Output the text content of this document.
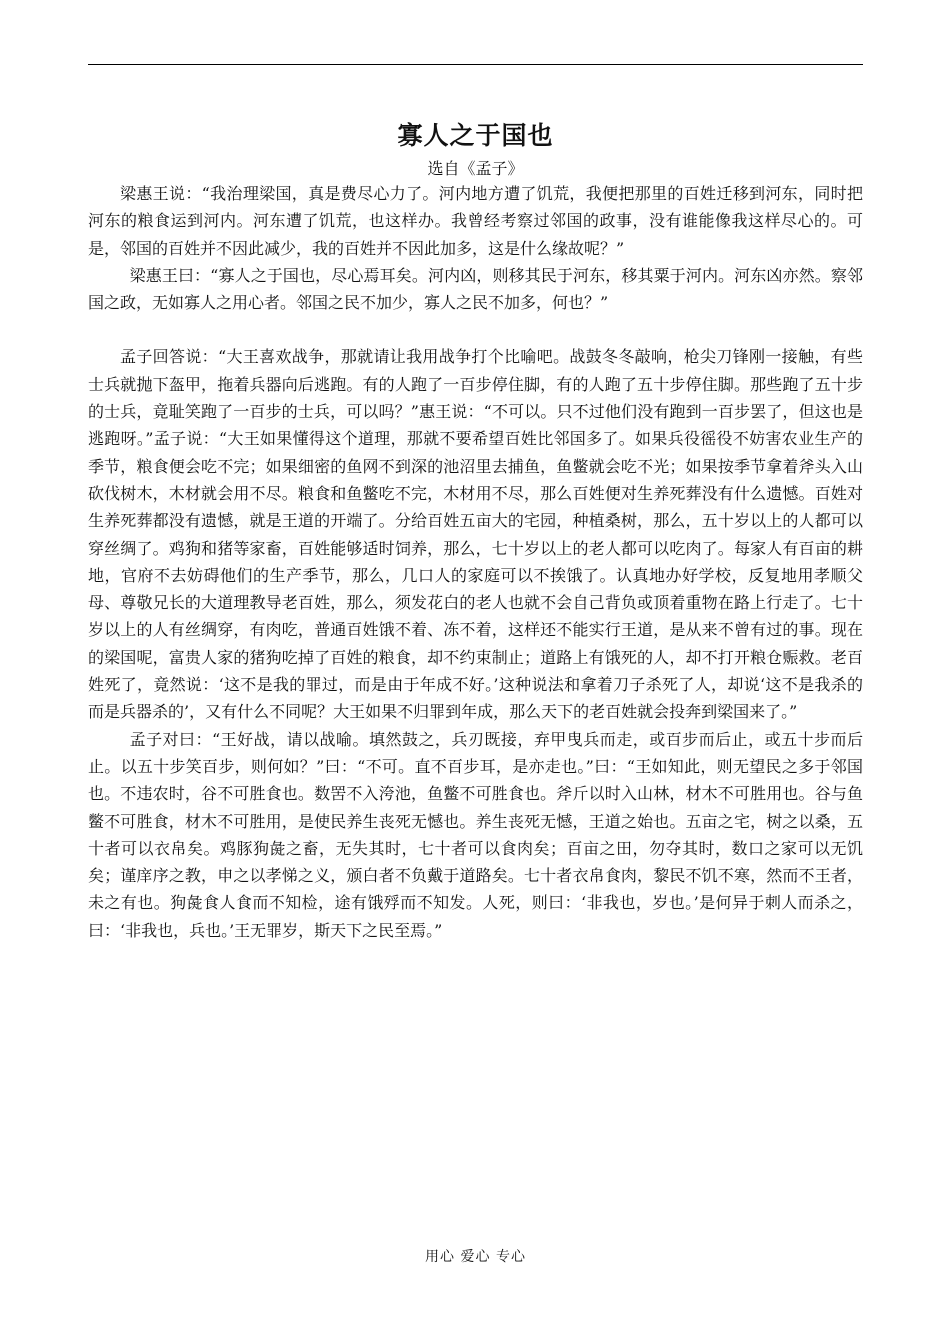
寡人之于国也
选自《孟子》

梁惠王说：“我治理梁国，真是费尽心力了。河内地方遭了饥荒，我便把那里的百姓迁移到河东，同时把河东的粮食运到河内。河东遭了饥荒，也这样办。我曾经考察过邻国的政事，没有谁能像我这样尽心的。可是，邻国的百姓并不因此减少，我的百姓并不因此加多，这是什么缘故呢？”

梁惠王曰：“寡人之于国也，尽心焉耳矣。河内凶，则移其民于河东，移其粟于河内。河东凶亦然。察邻国之政，无如寡人之用心者。邻国之民不加少，寡人之民不加多，何也？”

孟子回答说：“大王喜欢战争，那就请让我用战争打个比喻吧。战鼓冬冬敲响，枪尖刀锋刚一接触，有些士兵就抛下盔甲，拖着兵器向后逃跑。有的人跑了一百步停住脚，有的人跑了五十步停住脚。那些跑了五十步的士兵，竟耻笑跑了一百步的士兵，可以吗？”惠王说：“不可以。只不过他们没有跑到一百步罢了，但这也是逃跑呀。”孟子说：“大王如果懂得这个道理，那就不要希望百姓比邻国多了。如果兵役徭役不妨害农业生产的季节，粮食便会吃不完；如果细密的鱼网不到深的池沼里去捕鱼，鱼鳖就会吃不光；如果按季节拿着斧头入山砍伐树木，木材就会用不尽。粮食和鱼鳖吃不完，木材用不尽，那么百姓便对生养死葬没有什么遗憾。百姓对生养死葬都没有遗憾，就是王道的开端了。分给百姓五亩大的宅园，种植桑树，那么，五十岁以上的人都可以穿丝绸了。鸡狗和猪等家畜，百姓能够适时饲养，那么，七十岁以上的老人都可以吃肉了。每家人有百亩的耕地，官府不去妨碍他们的生产季节，那么，几口人的家庭可以不挨饿了。认真地办好学校，反复地用孝顺父母、尊敬兄长的大道理教导老百姓，那么，须发花白的老人也就不会自己背负或顶着重物在路上行走了。七十岁以上的人有丝绸穿，有肉吃，普通百姓饿不着、冻不着，这样还不能实行王道，是从来不曾有过的事。现在的梁国呢，富贵人家的猪狗吃掉了百姓的粮食，却不约束制止；道路上有饿死的人，却不打开粮仓赈救。老百姓死了，竟然说：‘这不是我的罪过，而是由于年成不好。’这种说法和拿着刀子杀死了人，却说‘这不是我杀的而是兵器杀的’，又有什么不同呢？大王如果不归罪到年成，那么天下的老百姓就会投奔到梁国来了。”

孟子对曰：“王好战，请以战喻。填然鼓之，兵刃既接，弃甲曳兵而走，或百步而后止，或五十步而后止。以五十步笑百步，则何如？”曰：“不可。直不百步耳，是亦走也。”曰：“王如知此，则无望民之多于邻国也。不违农时，谷不可胜食也。数罟不入洿池，鱼鳖不可胜食也。斧斤以时入山林，材木不可胜用也。谷与鱼鳖不可胜食，材木不可胜用，是使民养生丧死无憾也。养生丧死无憾，王道之始也。五亩之宅，树之以桑，五十者可以衣帛矣。鸡豚狗彘之畜，无失其时，七十者可以食肉矣；百亩之田，勿夺其时，数口之家可以无饥矣；谨庠序之教，申之以孝悌之义，颁白者不负戴于道路矣。七十者衣帛食肉，黎民不饥不寒，然而不王者，未之有也。狗彘食人食而不知检，途有饿殍而不知发。人死，则曰：‘非我也，岁也。’是何异于刺人而杀之，曰：‘非我也，兵也。’王无罪岁，斯天下之民至焉。”

用心 爱心 专心
